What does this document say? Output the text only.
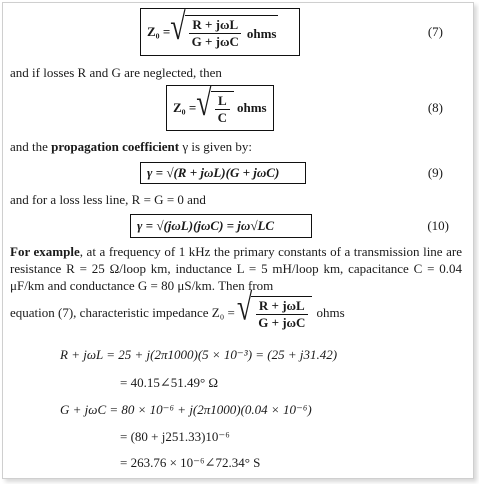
Z₀ = √ $\frac{\text{R + jωL}}{\text{G + jωC}}$ ohms	(7)
and if losses R and G are neglected, then
Z₀ = √ $\frac{L}{C}$ ohms	(8)
and the propagation coefficient γ is given by:
γ = √(R + jωL)(G + jωC)	(9)
and for a loss less line, R = G = 0 and
γ = √(jωL)(jωC) = jω√LC	(10)
For example, at a frequency of 1 kHz the primary constants of a transmission line are resistance R = 25 Ω/loop km, inductance L = 5 mH/loop km, capacitance C = 0.04 μF/km and conductance G = 80 μS/km. Then from
equation (7), characteristic impedance Z₀ = √ $\frac{\text{R + jωL}}{\text{G + jωC}}$ ohms
R + jωL = 25 + j(2π1000)(5 × 10⁻³) = (25 + j31.42)
= 40.15∠51.49° Ω
G + jωC = 80 × 10⁻⁶ + j(2π1000)(0.04 × 10⁻⁶)
= (80 + j251.33)10⁻⁶
= 263.76 × 10⁻⁶∠72.34° S
